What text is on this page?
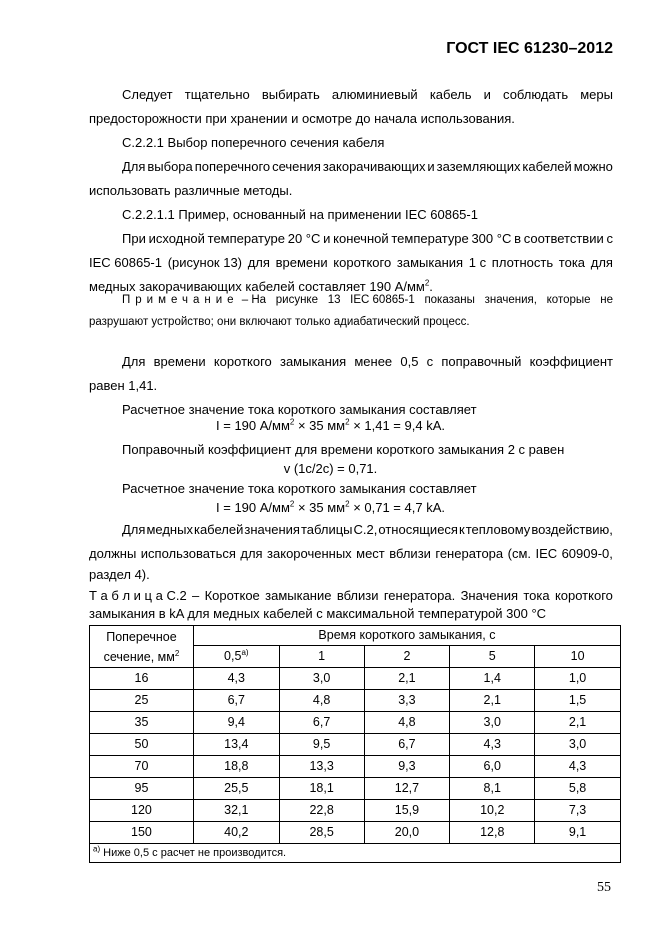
ГОСТ IEC 61230–2012
Следует тщательно выбирать алюминиевый кабель и соблюдать меры
предосторожности при хранении и осмотре до начала использования.
С.2.2.1 Выбор поперечного сечения кабеля
Для выбора поперечного сечения закорачивающих и заземляющих кабелей можно
использовать различные методы.
С.2.2.1.1 Пример, основанный на применении IEC 60865-1
При исходной температуре 20 °C и конечной температуре 300 °C в соответствии с
IEC 60865-1 (рисунок 13) для времени короткого замыкания 1 с плотность тока для
медных закорачивающих кабелей составляет 190 $А/мм^2$.
Примечание – На рисунке 13 IEC 60865-1 показаны значения, которые не
разрушают устройство; они включают только адиабатический процесс.
Для времени короткого замыкания менее 0,5 с поправочный коэффициент
равен 1,41.
Расчетное значение тока короткого замыкания составляет
I = 190 $А/мм^2 \times 35$ $мм^2 \times 1,41 = 9,4$ kA.
Поправочный коэффициент для времени короткого замыкания 2 с равен
v (1c/2c) = 0,71.
Расчетное значение тока короткого замыкания составляет
I = 190 $А/мм^2 \times 35$ $мм^2 \times 0,71 = 4,7$ kA.
Для медных кабелей значения таблицы С.2, относящиеся к тепловому воздействию,
должны использоваться для закороченных мест вблизи генератора (см. IEC 60909-0,
раздел 4).
Т а б л и ц а С.2 – Короткое замыкание вблизи генератора. Значения тока короткого
замыкания в kA для медных кабелей с максимальной температурой 300 °С
Поперечное
сечение, $мм^2$	Время короткого замыкания, с				
	0,5$^{a)}$	1	2	5	10
16	4,3	3,0	2,1	1,4	1,0
25	6,7	4,8	3,3	2,1	1,5
35	9,4	6,7	4,8	3,0	2,1
50	13,4	9,5	6,7	4,3	3,0
70	18,8	13,3	9,3	6,0	4,3
95	25,5	18,1	12,7	8,1	5,8
120	32,1	22,8	15,9	10,2	7,3
150	40,2	28,5	20,0	12,8	9,1
$^{a)}$ Ниже 0,5 с расчет не производится.					
55
